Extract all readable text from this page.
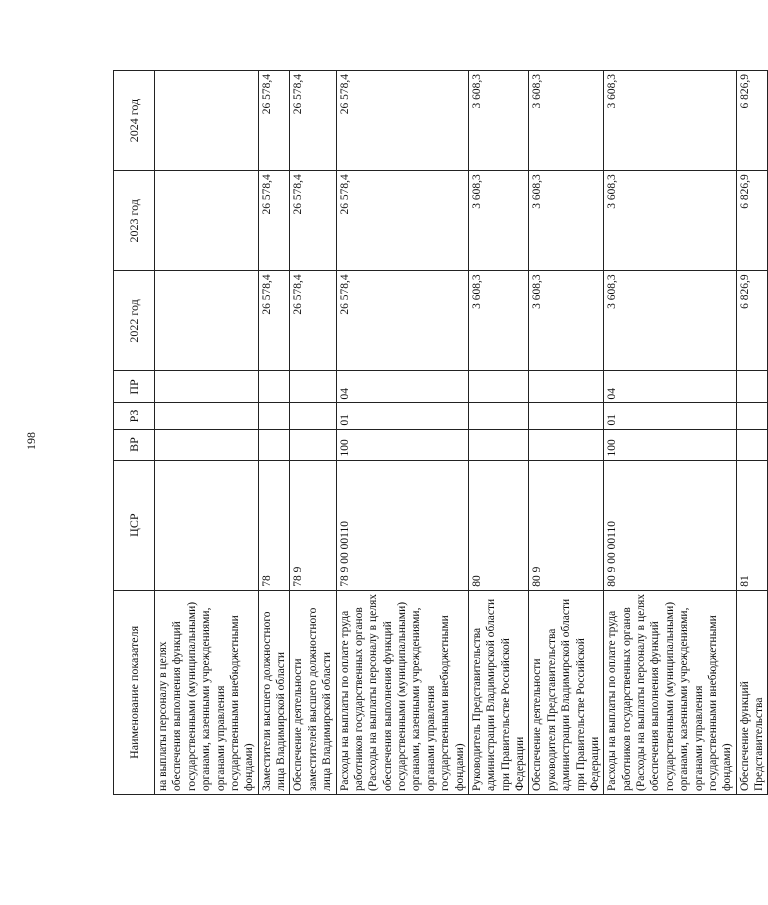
198
Наименование показателя	ЦСР	ВР	РЗ	ПР	2022 год	2023 год	2024 год
на выплаты персоналу в целях обеспечения выполнения функций государственными (муниципальными) органами, казенными учреждениями, органами управления государственными внебюджетными фондами)							
Заместители высшего должностного лица Владимирской области	78				26 578,4	26 578,4	26 578,4
Обеспечение деятельности заместителей высшего должностного лица Владимирской области	78 9				26 578,4	26 578,4	26 578,4
Расходы на выплаты по оплате труда работников государственных органов (Расходы на выплаты персоналу в целях обеспечения выполнения функций государственными (муниципальными) органами, казенными учреждениями, органами управления государственными внебюджетными фондами)	78 9 00 00110	100	01	04	26 578,4	26 578,4	26 578,4
Руководитель Представительства администрации Владимирской области при Правительстве Российской Федерации	80				3 608,3	3 608,3	3 608,3
Обеспечение деятельности руководителя Представительства администрации Владимирской области при Правительстве Российской Федерации	80 9				3 608,3	3 608,3	3 608,3
Расходы на выплаты по оплате труда работников государственных органов (Расходы на выплаты персоналу в целях обеспечения выполнения функций государственными (муниципальными) органами, казенными учреждениями, органами управления государственными внебюджетными фондами)	80 9 00 00110	100	01	04	3 608,3	3 608,3	3 608,3
Обеспечение функций Представительства	81				6 826,9	6 826,9	6 826,9
